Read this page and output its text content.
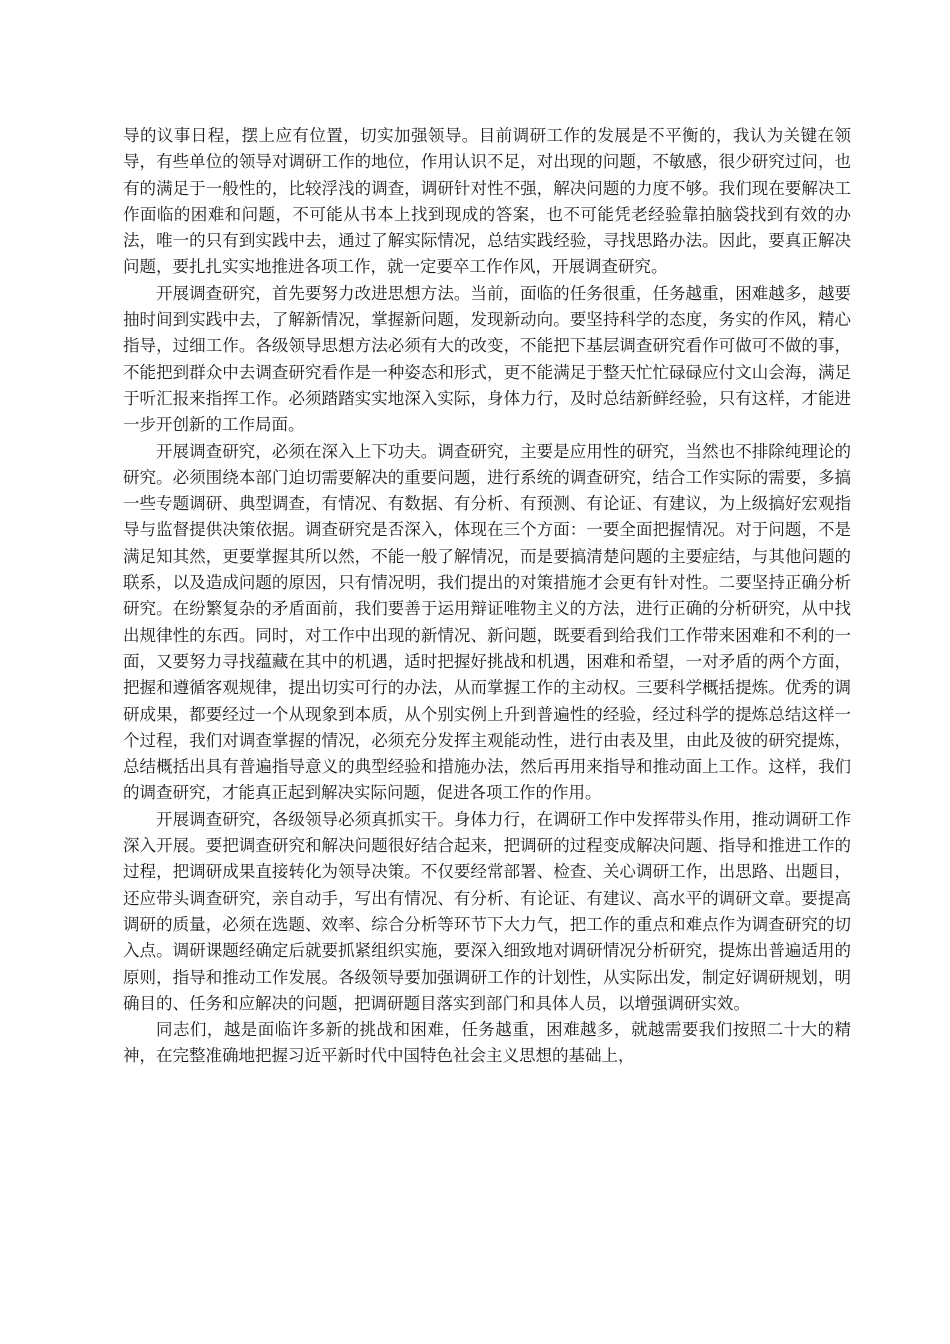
导的议事日程，摆上应有位置，切实加强领导。目前调研工作的发展是不平衡的，我认为关键在领导，有些单位的领导对调研工作的地位，作用认识不足，对出现的问题，不敏感，很少研究过问，也有的满足于一般性的，比较浮浅的调查，调研针对性不强，解决问题的力度不够。我们现在要解决工作面临的困难和问题，不可能从书本上找到现成的答案，也不可能凭老经验靠拍脑袋找到有效的办法，唯一的只有到实践中去，通过了解实际情况，总结实践经验，寻找思路办法。因此，要真正解决问题，要扎扎实实地推进各项工作，就一定要卒工作作风，开展调查研究。

开展调查研究，首先要努力改进思想方法。当前，面临的任务很重，任务越重，困难越多，越要抽时间到实践中去，了解新情况，掌握新问题，发现新动向。要坚持科学的态度，务实的作风，精心指导，过细工作。各级领导思想方法必须有大的改变，不能把下基层调查研究看作可做可不做的事，不能把到群众中去调查研究看作是一种姿态和形式，更不能满足于整天忙忙碌碌应付文山会海，满足于听汇报来指挥工作。必须踏踏实实地深入实际，身体力行，及时总结新鲜经验，只有这样，才能进一步开创新的工作局面。

开展调查研究，必须在深入上下功夫。调查研究，主要是应用性的研究，当然也不排除纯理论的研究。必须围绕本部门迫切需要解决的重要问题，进行系统的调查研究，结合工作实际的需要，多搞一些专题调研、典型调查，有情况、有数据、有分析、有预测、有论证、有建议，为上级搞好宏观指导与监督提供决策依据。调查研究是否深入，体现在三个方面：一要全面把握情况。对于问题，不是满足知其然，更要掌握其所以然，不能一般了解情况，而是要搞清楚问题的主要症结，与其他问题的联系，以及造成问题的原因，只有情况明，我们提出的对策措施才会更有针对性。二要坚持正确分析研究。在纷繁复杂的矛盾面前，我们要善于运用辩证唯物主义的方法，进行正确的分析研究，从中找出规律性的东西。同时，对工作中出现的新情况、新问题，既要看到给我们工作带来困难和不利的一面，又要努力寻找蕴藏在其中的机遇，适时把握好挑战和机遇，困难和希望，一对矛盾的两个方面，把握和遵循客观规律，提出切实可行的办法，从而掌握工作的主动权。三要科学概括提炼。优秀的调研成果，都要经过一个从现象到本质，从个别实例上升到普遍性的经验，经过科学的提炼总结这样一个过程，我们对调查掌握的情况，必须充分发挥主观能动性，进行由表及里，由此及彼的研究提炼，总结概括出具有普遍指导意义的典型经验和措施办法，然后再用来指导和推动面上工作。这样，我们的调查研究，才能真正起到解决实际问题，促进各项工作的作用。

开展调查研究，各级领导必须真抓实干。身体力行，在调研工作中发挥带头作用，推动调研工作深入开展。要把调查研究和解决问题很好结合起来，把调研的过程变成解决问题、指导和推进工作的过程，把调研成果直接转化为领导决策。不仅要经常部署、检查、关心调研工作，出思路、出题目，还应带头调查研究，亲自动手，写出有情况、有分析、有论证、有建议、高水平的调研文章。要提高调研的质量，必须在选题、效率、综合分析等环节下大力气，把工作的重点和难点作为调查研究的切入点。调研课题经确定后就要抓紧组织实施，要深入细致地对调研情况分析研究，提炼出普遍适用的原则，指导和推动工作发展。各级领导要加强调研工作的计划性，从实际出发，制定好调研规划，明确目的、任务和应解决的问题，把调研题目落实到部门和具体人员，以增强调研实效。

同志们，越是面临许多新的挑战和困难，任务越重，困难越多，就越需要我们按照二十大的精神，在完整准确地把握习近平新时代中国特色社会主义思想的基础上，
